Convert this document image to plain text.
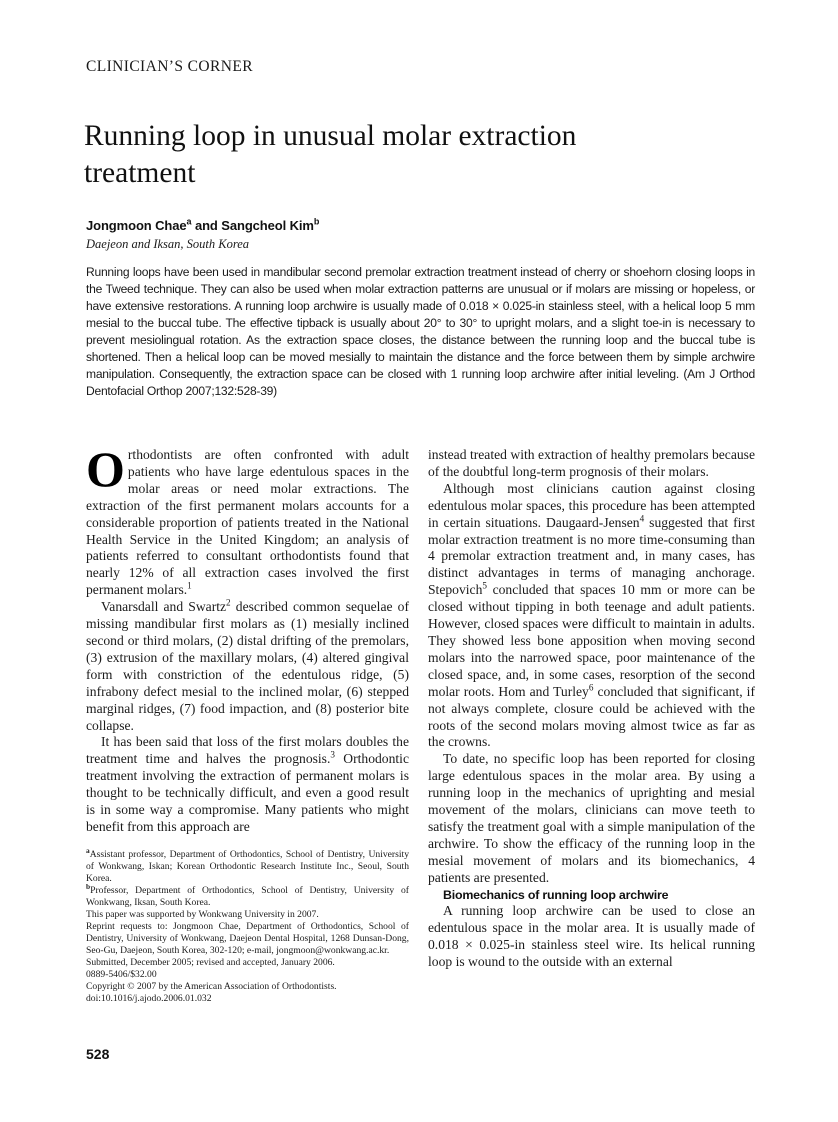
CLINICIAN’S CORNER
Running loop in unusual molar extraction treatment
Jongmoon Chae$^a$ and Sangcheol Kim$^b$
Daejeon and Iksan, South Korea
Running loops have been used in mandibular second premolar extraction treatment instead of cherry or shoehorn closing loops in the Tweed technique. They can also be used when molar extraction patterns are unusual or if molars are missing or hopeless, or have extensive restorations. A running loop archwire is usually made of 0.018 × 0.025-in stainless steel, with a helical loop 5 mm mesial to the buccal tube. The effective tipback is usually about 20° to 30° to upright molars, and a slight toe-in is necessary to prevent mesiolingual rotation. As the extraction space closes, the distance between the running loop and the buccal tube is shortened. Then a helical loop can be moved mesially to maintain the distance and the force between them by simple archwire manipulation. Consequently, the extraction space can be closed with 1 running loop archwire after initial leveling. (Am J Orthod Dentofacial Orthop 2007;132:528-39)

Orthodontists are often confronted with adult patients who have large edentulous spaces in the molar areas or need molar extractions. The extraction of the first permanent molars accounts for a considerable proportion of patients treated in the National Health Service in the United Kingdom; an analysis of patients referred to consultant orthodontists found that nearly 12% of all extraction cases involved the first permanent molars.$^1$

Vanarsdall and Swartz$^2$ described common sequelae of missing mandibular first molars as (1) mesially inclined second or third molars, (2) distal drifting of the premolars, (3) extrusion of the maxillary molars, (4) altered gingival form with constriction of the edentulous ridge, (5) infrabony defect mesial to the inclined molar, (6) stepped marginal ridges, (7) food impaction, and (8) posterior bite collapse.

It has been said that loss of the first molars doubles the treatment time and halves the prognosis.$^3$ Orthodontic treatment involving the extraction of permanent molars is thought to be technically difficult, and even a good result is in some way a compromise. Many patients who might benefit from this approach are

instead treated with extraction of healthy premolars because of the doubtful long-term prognosis of their molars.

Although most clinicians caution against closing edentulous molar spaces, this procedure has been attempted in certain situations. Daugaard-Jensen$^4$ suggested that first molar extraction treatment is no more time-consuming than 4 premolar extraction treatment and, in many cases, has distinct advantages in terms of managing anchorage. Stepovich$^5$ concluded that spaces 10 mm or more can be closed without tipping in both teenage and adult patients. However, closed spaces were difficult to maintain in adults. They showed less bone apposition when moving second molars into the narrowed space, poor maintenance of the closed space, and, in some cases, resorption of the second molar roots. Hom and Turley$^6$ concluded that significant, if not always complete, closure could be achieved with the roots of the second molars moving almost twice as far as the crowns.

To date, no specific loop has been reported for closing large edentulous spaces in the molar area. By using a running loop in the mechanics of uprighting and mesial movement of the molars, clinicians can move teeth to satisfy the treatment goal with a simple manipulation of the archwire. To show the efficacy of the running loop in the mesial movement of molars and its biomechanics, 4 patients are presented.

Biomechanics of running loop archwire

A running loop archwire can be used to close an edentulous space in the molar area. It is usually made of 0.018 × 0.025-in stainless steel wire. Its helical running loop is wound to the outside with an external

$^a$Assistant professor, Department of Orthodontics, School of Dentistry, University of Wonkwang, Iskan; Korean Orthodontic Research Institute Inc., Seoul, South Korea.

$^b$Professor, Department of Orthodontics, School of Dentistry, University of Wonkwang, Iksan, South Korea.

This paper was supported by Wonkwang University in 2007.

Reprint requests to: Jongmoon Chae, Department of Orthodontics, School of Dentistry, University of Wonkwang, Daejeon Dental Hospital, 1268 Dunsan-Dong, Seo-Gu, Daejeon, South Korea, 302-120; e-mail, jongmoon@wonkwang.ac.kr.

Submitted, December 2005; revised and accepted, January 2006.

0889-5406/$32.00

Copyright © 2007 by the American Association of Orthodontists.

doi:10.1016/j.ajodo.2006.01.032

528
